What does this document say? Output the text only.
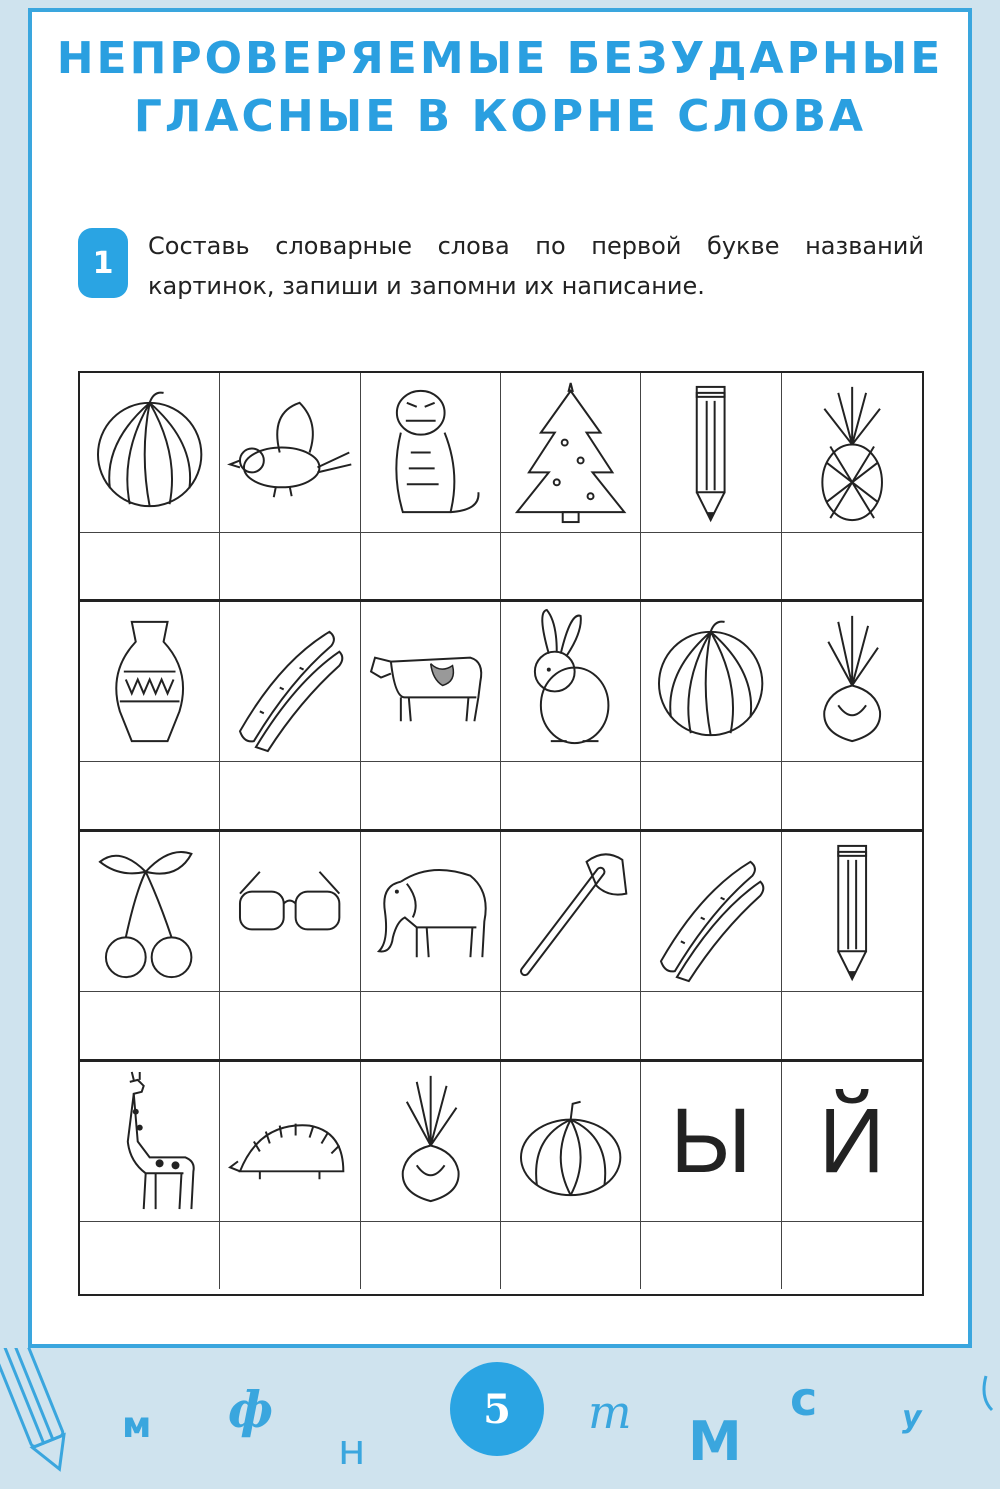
НЕПРОВЕРЯЕМЫЕ БЕЗУДАРНЫЕ
ГЛАСНЫЕ В КОРНЕ СЛОВА
1	Составь словарные слова по первой букве названий картинок, запиши и запомни их написание.

Ы Й
м ф
н
5	т М
с	у
